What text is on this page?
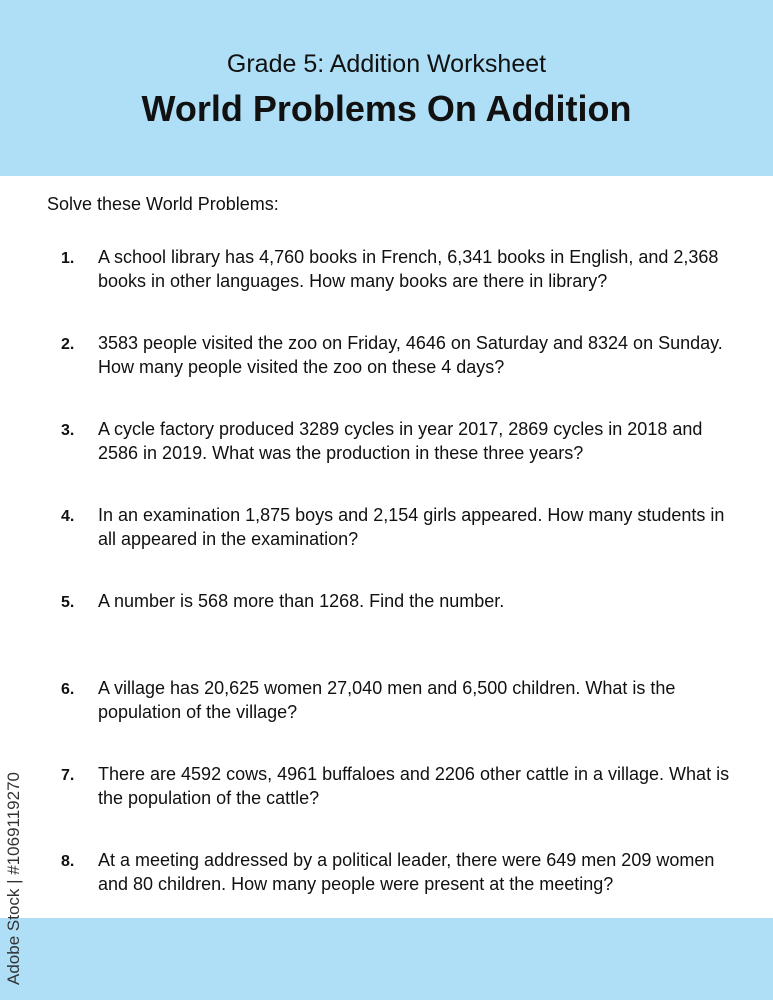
Grade 5: Addition Worksheet
World Problems On Addition
Solve these World Problems:
1. A school library has 4,760 books in French, 6,341 books in English, and 2,368 books in other languages. How many books are there in library?
2. 3583 people visited the zoo on Friday, 4646 on Saturday and 8324 on Sunday. How many people visited the zoo on these 4 days?
3. A cycle factory produced 3289 cycles in year 2017, 2869 cycles in 2018 and 2586 in 2019. What was the production in these three years?
4. In an examination 1,875 boys and 2,154 girls appeared. How many students in all appeared in the examination?
5. A number is 568 more than 1268. Find the number.
6. A village has 20,625 women 27,040 men and 6,500 children. What is the population of the village?
7. There are 4592 cows, 4961 buffaloes and 2206 other cattle in a village. What is the population of the cattle?
8. At a meeting addressed by a political leader, there were 649 men 209 women and 80 children. How many people were present at the meeting?
Adobe Stock | #1069119270
